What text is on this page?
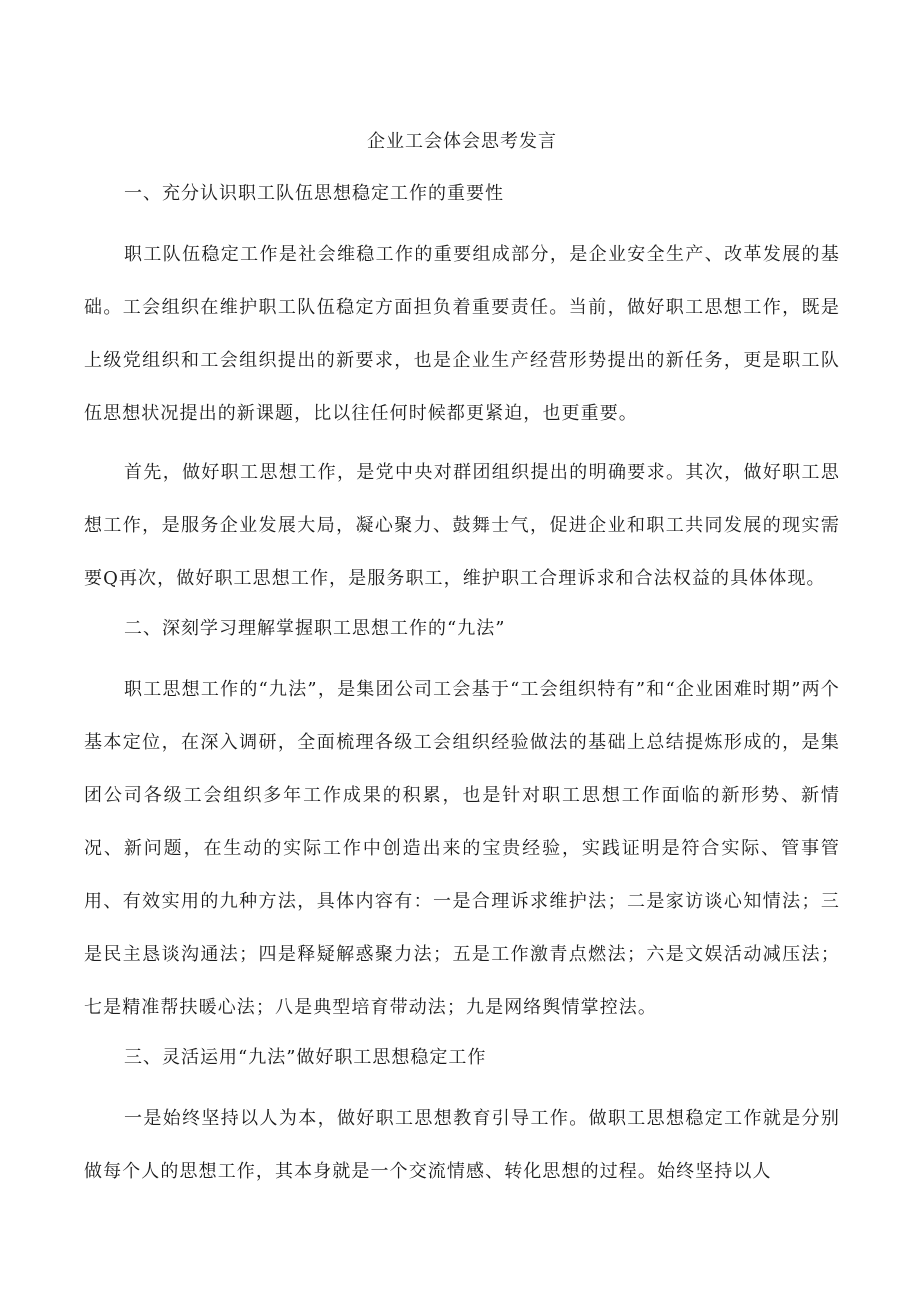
企业工会体会思考发言
一、充分认识职工队伍思想稳定工作的重要性
职工队伍稳定工作是社会维稳工作的重要组成部分，是企业安全生产、改革发展的基础。工会组织在维护职工队伍稳定方面担负着重要责任。当前，做好职工思想工作，既是上级党组织和工会组织提出的新要求，也是企业生产经营形势提出的新任务，更是职工队伍思想状况提出的新课题，比以往任何时候都更紧迫，也更重要。
首先，做好职工思想工作，是党中央对群团组织提出的明确要求。其次，做好职工思想工作，是服务企业发展大局，凝心聚力、鼓舞士气，促进企业和职工共同发展的现实需要Q再次，做好职工思想工作，是服务职工，维护职工合理诉求和合法权益的具体体现。
二、深刻学习理解掌握职工思想工作的“九法”
职工思想工作的“九法”，是集团公司工会基于“工会组织特有”和“企业困难时期”两个基本定位，在深入调研，全面梳理各级工会组织经验做法的基础上总结提炼形成的，是集团公司各级工会组织多年工作成果的积累，也是针对职工思想工作面临的新形势、新情况、新问题，在生动的实际工作中创造出来的宝贵经验，实践证明是符合实际、管事管用、有效实用的九种方法，具体内容有：一是合理诉求维护法；二是家访谈心知情法；三是民主恳谈沟通法；四是释疑解惑聚力法；五是工作激青点燃法；六是文娱活动减压法；七是精准帮扶暖心法；八是典型培育带动法；九是网络舆情掌控法。
三、灵活运用“九法”做好职工思想稳定工作
一是始终坚持以人为本，做好职工思想教育引导工作。做职工思想稳定工作就是分别做每个人的思想工作，其本身就是一个交流情感、转化思想的过程。始终坚持以人
